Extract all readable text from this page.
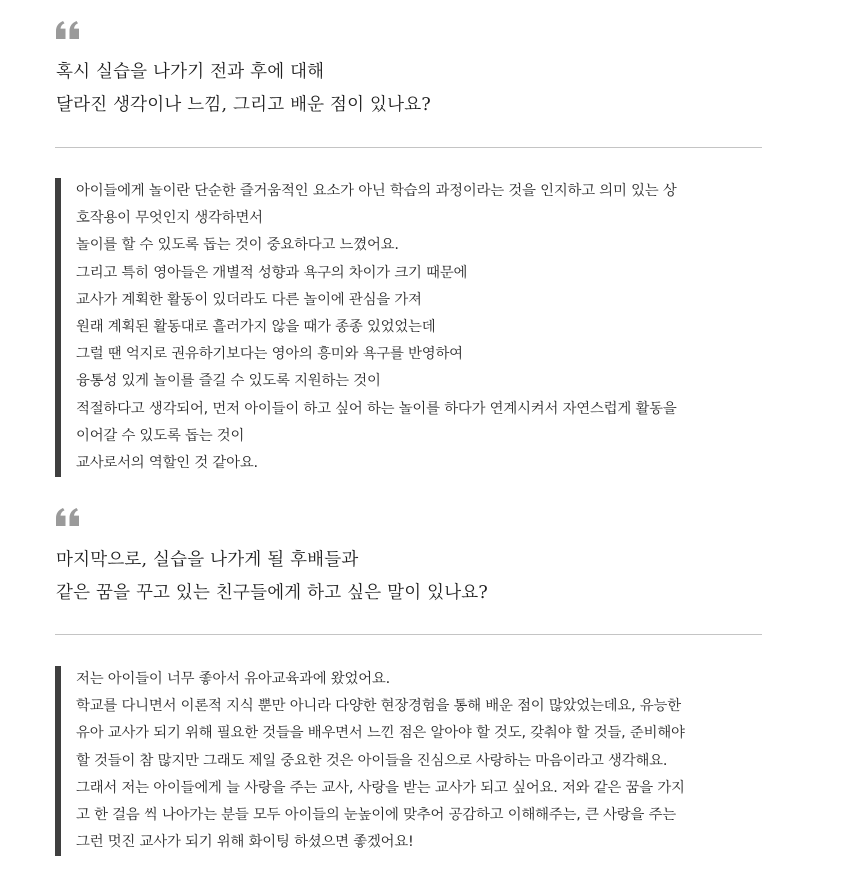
혹시 실습을 나가기 전과 후에 대해
달라진 생각이나 느낌, 그리고 배운 점이 있나요?
아이들에게 놀이란 단순한 즐거움적인 요소가 아닌 학습의 과정이라는 것을 인지하고 의미 있는 상
호작용이 무엇인지 생각하면서
놀이를 할 수 있도록 돕는 것이 중요하다고 느꼈어요.
그리고 특히 영아들은 개별적 성향과 욕구의 차이가 크기 때문에
교사가 계획한 활동이 있더라도 다른 놀이에 관심을 가져
원래 계획된 활동대로 흘러가지 않을 때가 종종 있었었는데
그럴 땐 억지로 권유하기보다는 영아의 흥미와 욕구를 반영하여
융통성 있게 놀이를 즐길 수 있도록 지원하는 것이
적절하다고 생각되어, 먼저 아이들이 하고 싶어 하는 놀이를 하다가 연계시켜서 자연스럽게 활동을
이어갈 수 있도록 돕는 것이
교사로서의 역할인 것 같아요.
마지막으로, 실습을 나가게 될 후배들과
같은 꿈을 꾸고 있는 친구들에게 하고 싶은 말이 있나요?
저는 아이들이 너무 좋아서 유아교육과에 왔었어요.
학교를 다니면서 이론적 지식 뿐만 아니라 다양한 현장경험을 통해 배운 점이 많았었는데요, 유능한
유아 교사가 되기 위해 필요한 것들을 배우면서 느낀 점은 알아야 할 것도, 갖춰야 할 것들, 준비해야
할 것들이 참 많지만 그래도 제일 중요한 것은 아이들을 진심으로 사랑하는 마음이라고 생각해요.
그래서 저는 아이들에게 늘 사랑을 주는 교사, 사랑을 받는 교사가 되고 싶어요. 저와 같은 꿈을 가지
고 한 걸음 씩 나아가는 분들 모두 아이들의 눈높이에 맞추어 공감하고 이해해주는, 큰 사랑을 주는
그런 멋진 교사가 되기 위해 화이팅 하셨으면 좋겠어요!
